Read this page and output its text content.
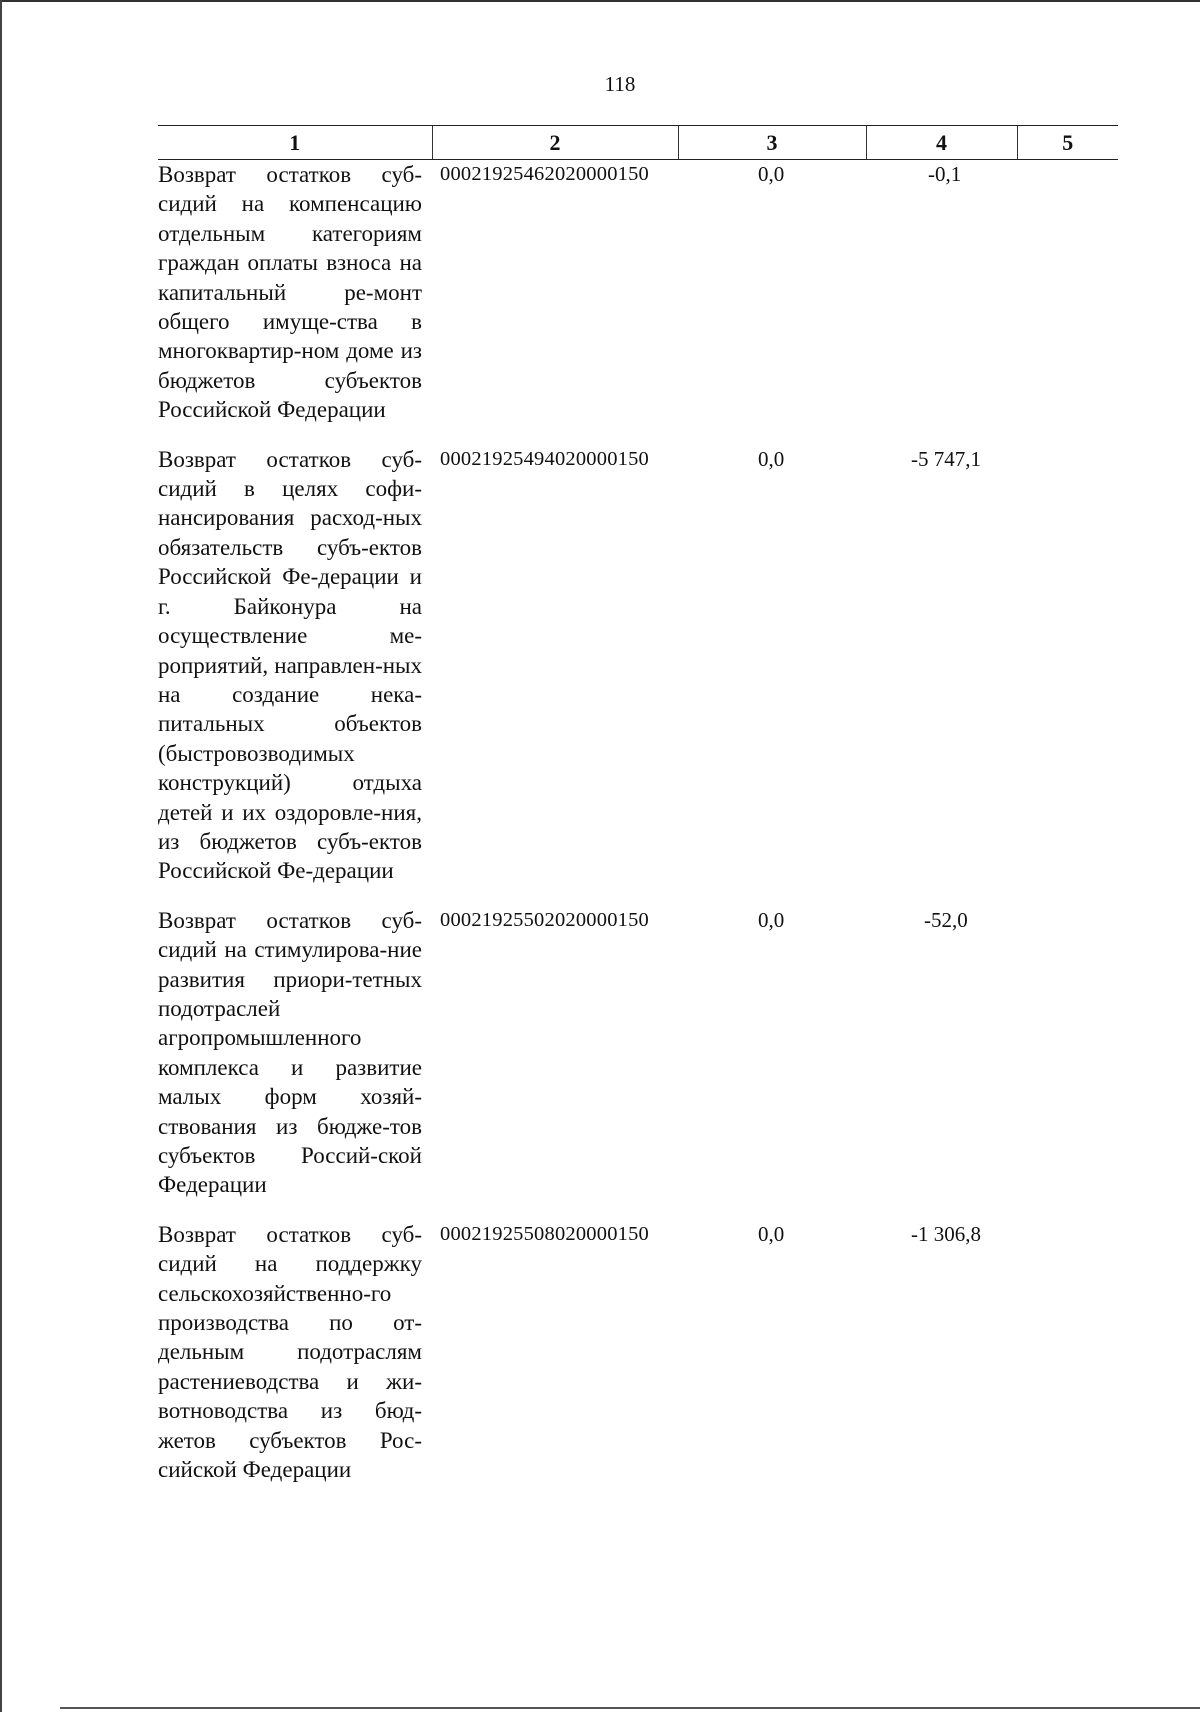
118
1	2	3	4	5
Возврат остатков суб-сидий на компенсацию отдельным категориям граждан оплаты взноса на капитальный ре-монт общего имуще-ства в многоквартир-ном доме из бюджетов субъектов Российской Федерации	00021925462020000150	0,0	-0,1	
Возврат остатков суб-сидий в целях софи-нансирования расход-ных обязательств субъ-ектов Российской Фе-дерации и г. Байконура на осуществление ме-роприятий, направлен-ных на создание нека-питальных объектов (быстровозводимых конструкций) отдыха детей и их оздоровле-ния, из бюджетов субъ-ектов Российской Фе-дерации	00021925494020000150	0,0	-5 747,1	
Возврат остатков суб-сидий на стимулирова-ние развития приори-тетных подотраслей агропромышленного комплекса и развитие малых форм хозяй-ствования из бюдже-тов субъектов Россий-ской Федерации	00021925502020000150	0,0	-52,0	
Возврат остатков суб-сидий на поддержку сельскохозяйственно-го производства по от-дельным подотраслям растениеводства и жи-вотноводства из бюд-жетов субъектов Рос-сийской Федерации	00021925508020000150	0,0	-1 306,8	
